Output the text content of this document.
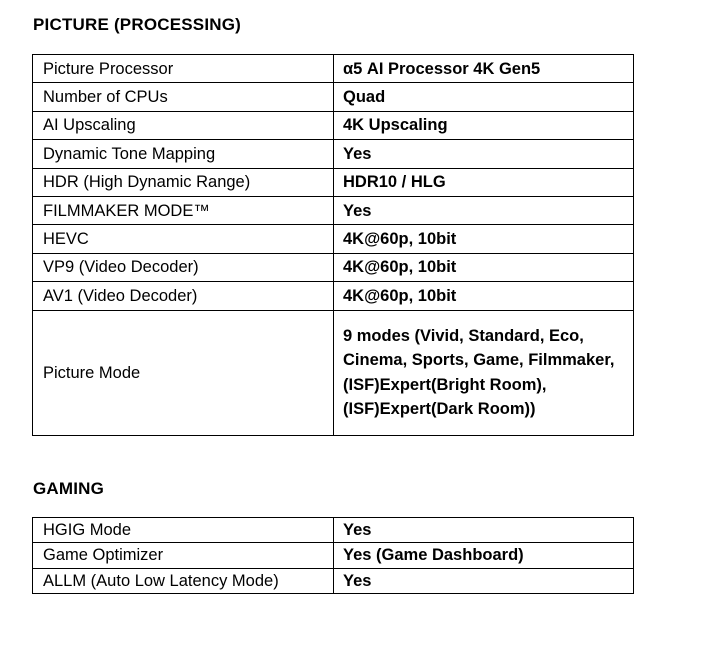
PICTURE (PROCESSING)
Picture Processor	α5 AI Processor 4K Gen5
Number of CPUs	Quad
AI Upscaling	4K Upscaling
Dynamic Tone Mapping	Yes
HDR (High Dynamic Range)	HDR10 / HLG
FILMMAKER MODE™	Yes
HEVC	4K@60p, 10bit
VP9 (Video Decoder)	4K@60p, 10bit
AV1 (Video Decoder)	4K@60p, 10bit
Picture Mode	9 modes (Vivid, Standard, Eco, Cinema, Sports, Game, Filmmaker, (ISF)Expert(Bright Room), (ISF)Expert(Dark Room))
GAMING
HGIG Mode	Yes
Game Optimizer	Yes (Game Dashboard)
ALLM (Auto Low Latency Mode)	Yes
